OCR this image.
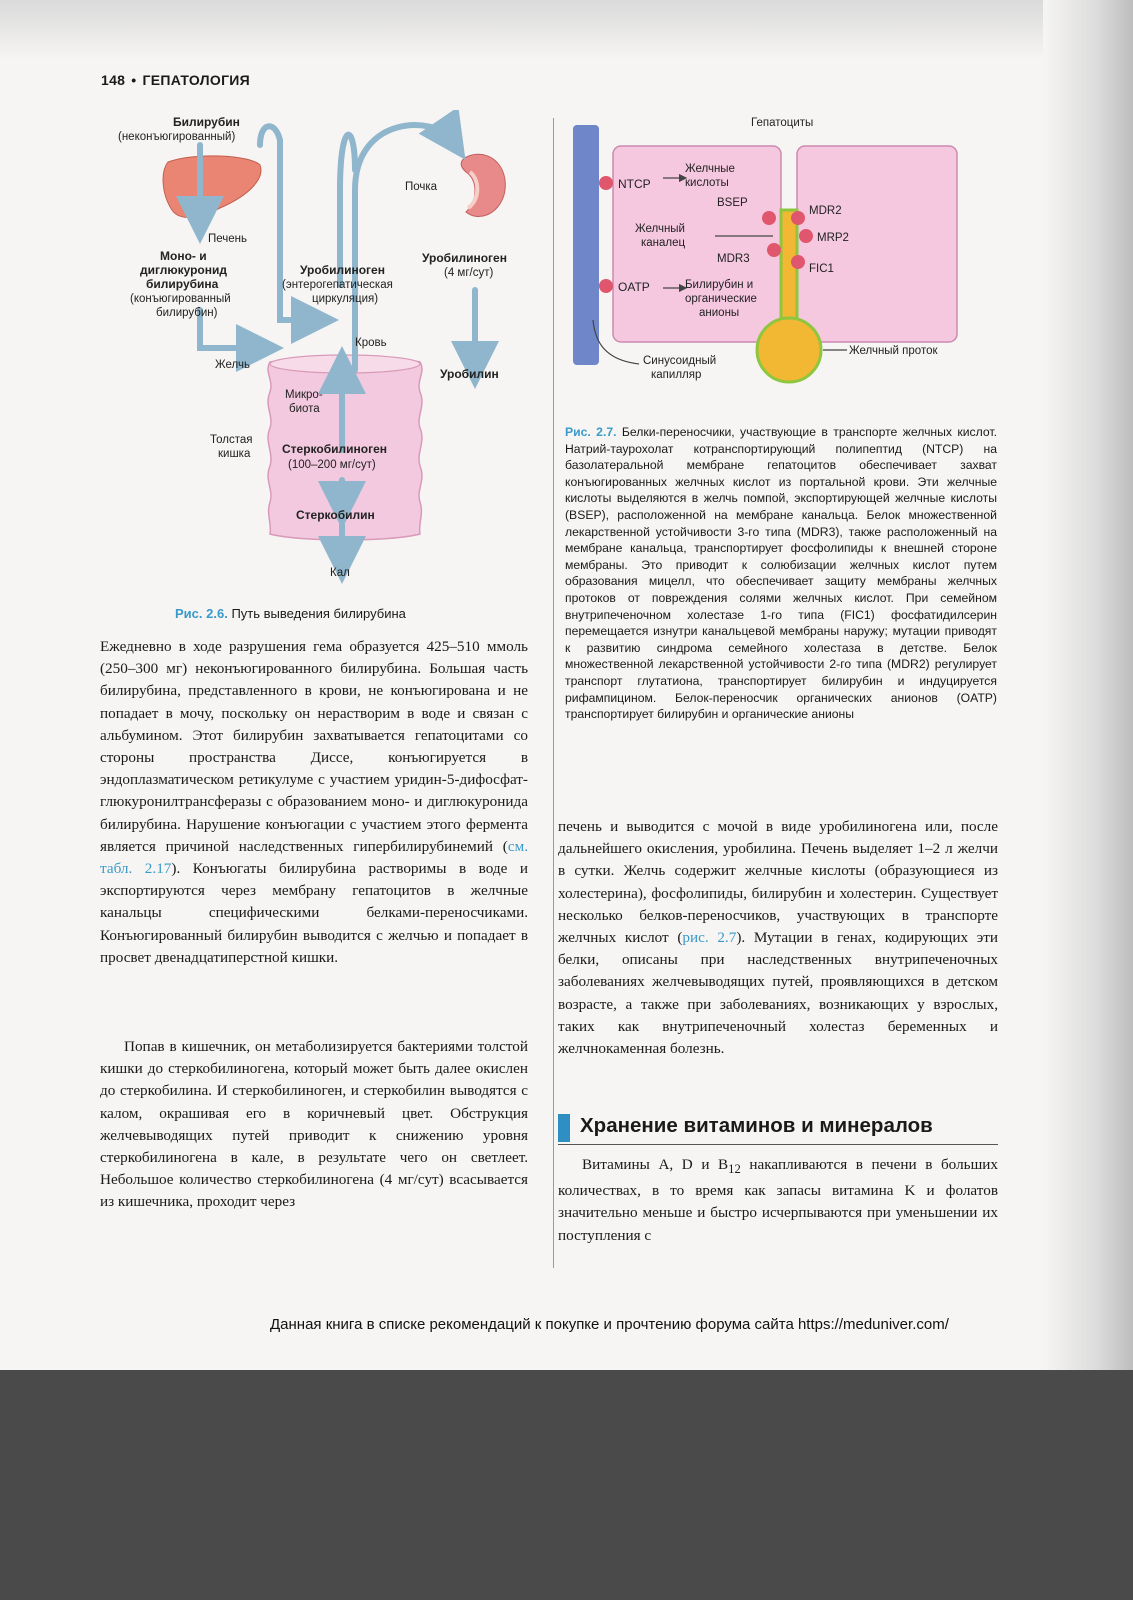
148 • ГЕПАТОЛОГИЯ
Билирубин
(неконъюгированный)
Печень
Почка
Моно- и
диглюкуронид
билирубина
(конъюгированный
билирубин)
Уробилиноген
(энтерогепатическая
циркуляция)
Уробилиноген
(4 мг/сут)
Кровь
Желчь
Уробилин
Микро-
биота
Толстая
кишка	Стеркобилиноген
(100–200 мг/сут)
Стеркобилин
Кал
Рис. 2.6. Путь выведения билирубина
Гепатоциты
NTCP
Желчные
кислоты
BSEP
MDR2
Желчный
каналец	MRP2
MDR3
FIC1
OATP	Билирубин и
органические
анионы
Желчный проток
Синусоидный
капилляр
Рис. 2.7. Белки-переносчики, участвующие в транспорте желчных кислот. Натрий-таурохолат котранспортирующий полипептид (NTCP) на базолатеральной мембране гепатоцитов обеспечивает захват конъюгированных желчных кислот из портальной крови. Эти желчные кислоты выделяются в желчь помпой, экспортирующей желчные кислоты (BSEP), расположенной на мембране канальца. Белок множественной лекарственной устойчивости 3-го типа (MDR3), также расположенный на мембране канальца, транспортирует фосфолипиды к внешней стороне мембраны. Это приводит к солюбизации желчных кислот путем образования мицелл, что обеспечивает защиту мембраны желчных протоков от повреждения солями желчных кислот. При семейном внутрипеченочном холестазе 1-го типа (FIC1) фосфатидилсерин перемещается изнутри канальцевой мембраны наружу; мутации приводят к развитию синдрома семейного холестаза в детстве. Белок множественной лекарственной устойчивости 2-го типа (MDR2) регулирует транспорт глутатиона, транспортирует билирубин и индуцируется рифампицином. Белок-переносчик органических анионов (OATP) транспортирует билирубин и органические анионы
Ежедневно в ходе разрушения гема образуется 425–510 ммоль (250–300 мг) неконъюгированного билирубина. Большая часть билирубина, представленного в крови, не конъюгирована и не попадает в мочу, поскольку он нерастворим в воде и связан с альбумином. Этот билирубин захватывается гепатоцитами со стороны пространства Диссе, конъюгируется в эндоплазматическом ретикулуме с участием уридин-5-дифосфат-глюкуронилтрансферазы с образованием моно- и диглюкуронида билирубина. Нарушение конъюгации с участием этого фермента является причиной наследственных гипербилирубинемий (см. табл. 2.17). Конъюгаты билирубина растворимы в воде и экспортируются через мембрану гепатоцитов в желчные канальцы специфическими белками-переносчиками. Конъюгированный билирубин выводится с желчью и попадает в просвет двенадцатиперстной кишки.
Попав в кишечник, он метаболизируется бактериями толстой кишки до стеркобилиногена, который может быть далее окислен до стеркобилина. И стеркобилиноген, и стеркобилин выводятся с калом, окрашивая его в коричневый цвет. Обструкция желчевыводящих путей приводит к снижению уровня стеркобилиногена в кале, в результате чего он светлеет. Небольшое количество стеркобилиногена (4 мг/сут) всасывается из кишечника, проходит через
печень и выводится с мочой в виде уробилиногена или, после дальнейшего окисления, уробилина. Печень выделяет 1–2 л желчи в сутки. Желчь содержит желчные кислоты (образующиеся из холестерина), фосфолипиды, билирубин и холестерин. Существует несколько белков-переносчиков, участвующих в транспорте желчных кислот (рис. 2.7). Мутации в генах, кодирующих эти белки, описаны при наследственных внутрипеченочных заболеваниях желчевыводящих путей, проявляющихся в детском возрасте, а также при заболеваниях, возникающих у взрослых, таких как внутрипеченочный холестаз беременных и желчнокаменная болезнь.
Хранение витаминов и минералов
Витамины A, D и $B_{12}$ накапливаются в печени в больших количествах, в то время как запасы витамина K и фолатов значительно меньше и быстро исчерпываются при уменьшении их поступления с
Данная книга в списке рекомендаций к покупке и прочтению форума сайта https://meduniver.com/
